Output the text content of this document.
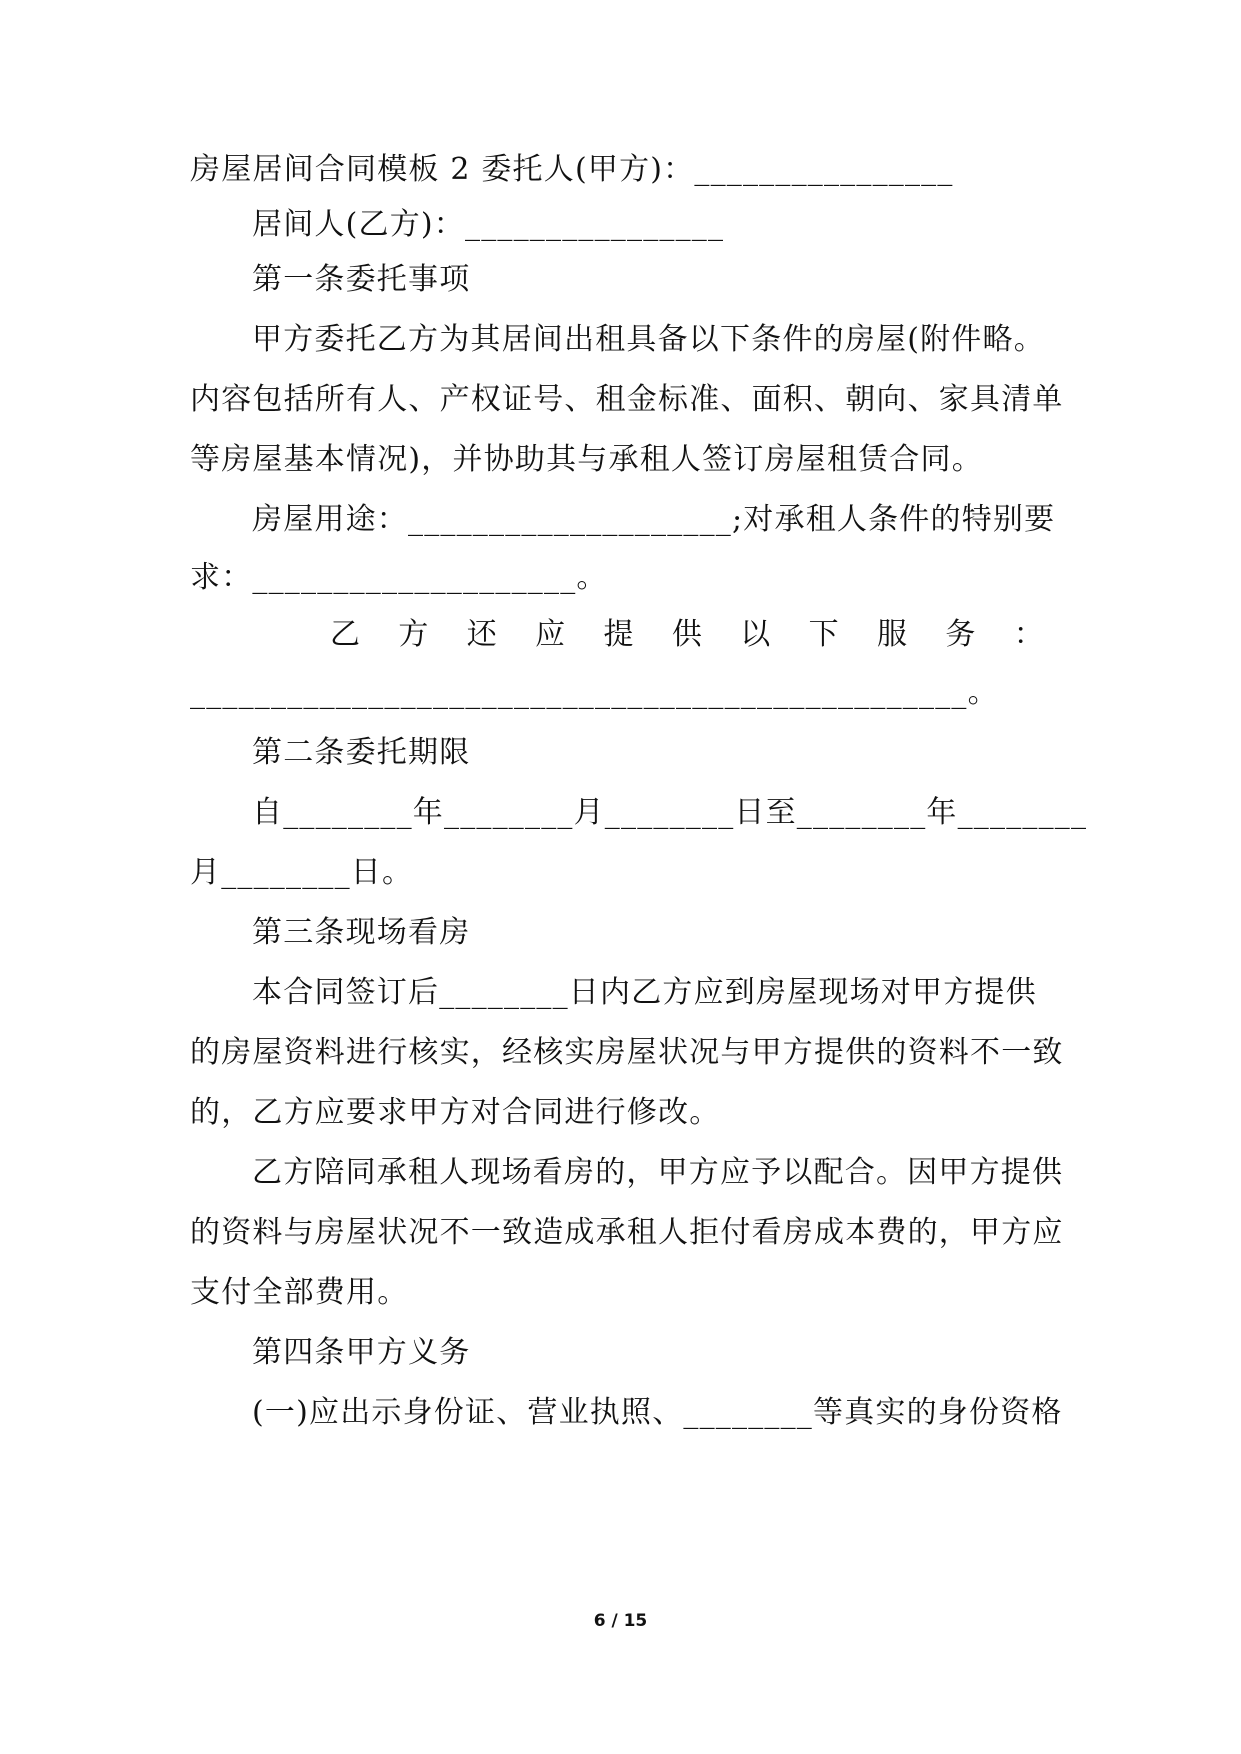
房屋居间合同模板 2 委托人(甲方)：________________
居间人(乙方)：________________
第一条委托事项
甲方委托乙方为其居间出租具备以下条件的房屋(附件略。
内容包括所有人、产权证号、租金标准、面积、朝向、家具清单
等房屋基本情况)，并协助其与承租人签订房屋租赁合同。
房屋用途：____________________;对承租人条件的特别要
求：____________________。
乙 方 还 应 提 供 以 下 服 务 ：
________________________________________________。
第二条委托期限
自________年________月________日至________年________
月________日。
第三条现场看房
本合同签订后________日内乙方应到房屋现场对甲方提供
的房屋资料进行核实，经核实房屋状况与甲方提供的资料不一致
的，乙方应要求甲方对合同进行修改。
乙方陪同承租人现场看房的，甲方应予以配合。因甲方提供
的资料与房屋状况不一致造成承租人拒付看房成本费的，甲方应
支付全部费用。
第四条甲方义务
(一)应出示身份证、营业执照、________等真实的身份资格
6 / 15
